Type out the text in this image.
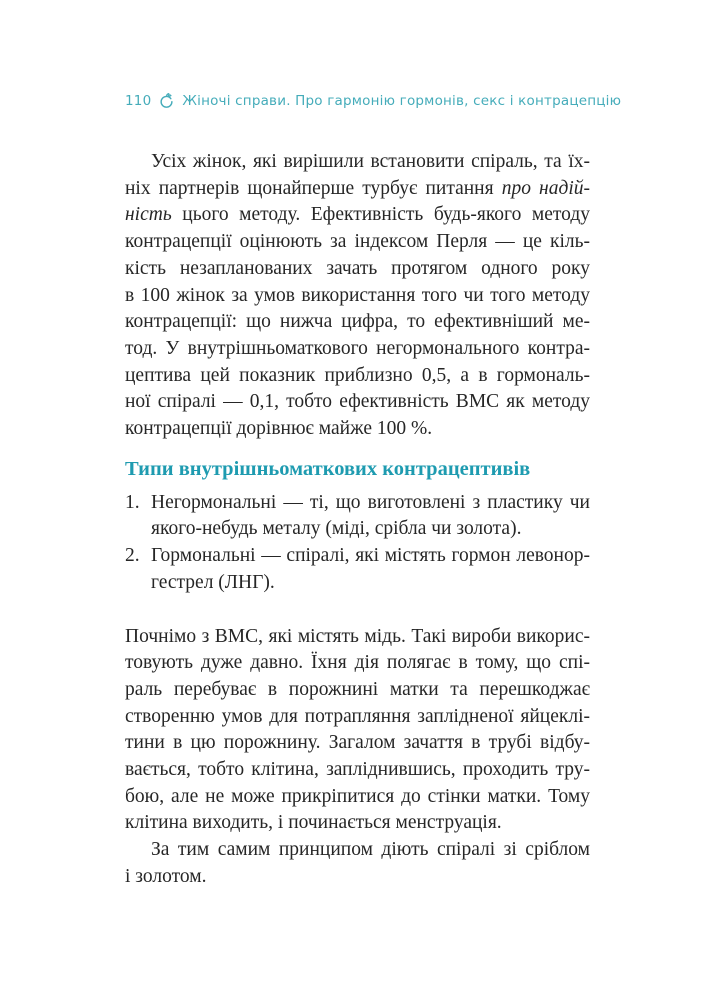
110 Жіночі справи. Про гармонію гормонів, секс і контрацепцію
Усіх жінок, які вирішили встановити спіраль, та їх-
ніх партнерів щонайперше турбує питання про надій-
ність цього методу. Ефективність будь-якого методу
контрацепції оцінюють за індексом Перля — це кіль-
кість незапланованих зачать протягом одного року
в 100 жінок за умов використання того чи того методу
контрацепції: що нижча цифра, то ефективніший ме-
тод. У внутрішньоматкового негормонального контра-
цептива цей показник приблизно 0,5, а в гормональ-
ної спіралі — 0,1, тобто ефективність ВМС як методу
контрацепції дорівнює майже 100 %.
Типи внутрішньоматкових контрацептивів
1. Негормональні — ті, що виготовлені з пластику чи
якого-небудь металу (міді, срібла чи золота).
2. Гормональні — спіралі, які містять гормон левонор-
гестрел (ЛНГ).
Почнімо з ВМС, які містять мідь. Такі вироби викорис-
товують дуже давно. Їхня дія полягає в тому, що спі-
раль перебуває в порожнині матки та перешкоджає
створенню умов для потрапляння заплідненої яйцеклі-
тини в цю порожнину. Загалом зачаття в трубі відбу-
вається, тобто клітина, запліднившись, проходить тру-
бою, але не може прикріпитися до стінки матки. Тому
клітина виходить, і починається менструація.
За тим самим принципом діють спіралі зі сріблом
і золотом.
